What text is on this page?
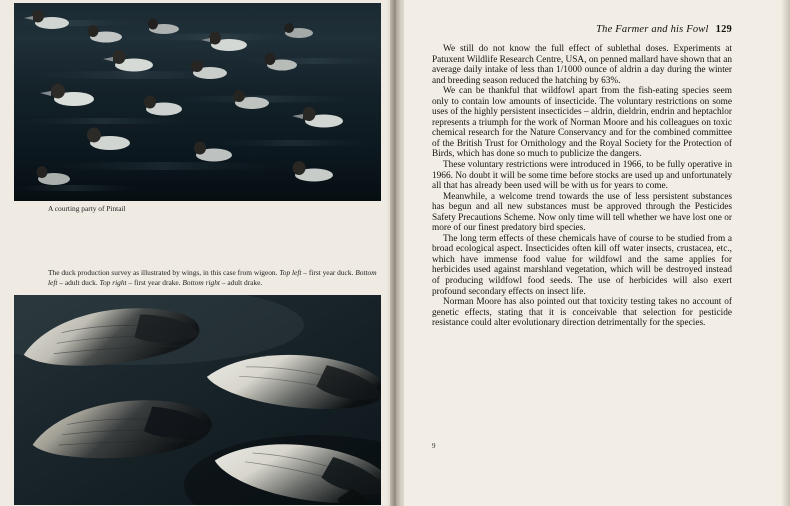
A courting party of Pintail
The duck production survey as illustrated by wings, in this case from wigeon. Top left – first year duck. Bottom left – adult duck. Top right – first year drake. Bottom right – adult drake.
The Farmer and his Fowl 129

We still do not know the full effect of sublethal doses. Experiments at Patuxent Wildlife Research Centre, USA, on penned mallard have shown that an average daily intake of less than 1/1000 ounce of aldrin a day during the winter and breeding season reduced the hatching by 63%.

We can be thankful that wildfowl apart from the fish-eating species seem only to contain low amounts of insecticide. The voluntary restrictions on some uses of the highly persistent insecticides – aldrin, dieldrin, endrin and heptachlor represents a triumph for the work of Norman Moore and his colleagues on toxic chemical research for the Nature Conservancy and for the combined committee of the British Trust for Ornithology and the Royal Society for the Protection of Birds, which has done so much to publicize the dangers.

These voluntary restrictions were introduced in 1966, to be fully operative in 1966. No doubt it will be some time before stocks are used up and unfortunately all that has already been used will be with us for years to come.

Meanwhile, a welcome trend towards the use of less persistent substances has begun and all new substances must be approved through the Pesticides Safety Precautions Scheme. Now only time will tell whether we have lost one or more of our finest predatory bird species.

The long term effects of these chemicals have of course to be studied from a broad ecological aspect. Insecticides often kill off water insects, crustacea, etc., which have immense food value for wildfowl and the same applies for herbicides used against marshland vegetation, which will be destroyed instead of producing wildfowl food seeds. The use of herbicides will also exert profound secondary effects on insect life.

Norman Moore has also pointed out that toxicity testing takes no account of genetic effects, stating that it is conceivable that selection for pesticide resistance could alter evolutionary direction detrimentally for the species.

9
